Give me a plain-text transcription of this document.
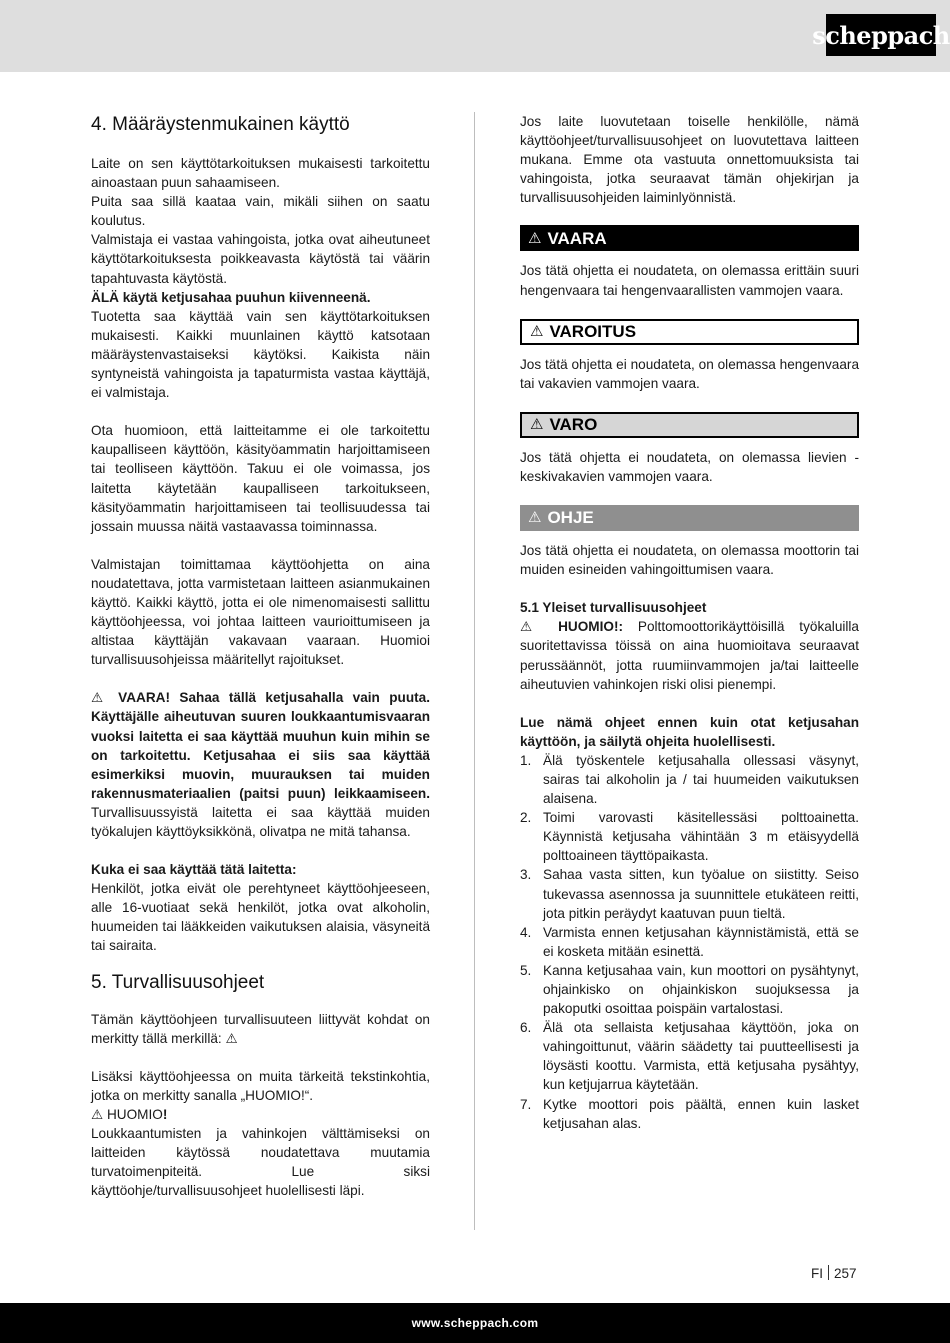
scheppach
4. Määräystenmukainen käyttö

Laite on sen käyttötarkoituksen mukaisesti tarkoitettu ainoastaan puun sahaamiseen.

Puita saa sillä kaataa vain, mikäli siihen on saatu koulutus.

Valmistaja ei vastaa vahingoista, jotka ovat aiheutuneet käyttötarkoituksesta poikkeavasta käytöstä tai väärin tapahtuvasta käytöstä.

ÄLÄ käytä ketjusahaa puuhun kiivenneenä.

Tuotetta saa käyttää vain sen käyttötarkoituksen mukaisesti. Kaikki muunlainen käyttö katsotaan määräystenvastaiseksi käytöksi. Kaikista näin syntyneistä vahingoista ja tapaturmista vastaa käyttäjä, ei valmistaja.

Ota huomioon, että laitteitamme ei ole tarkoitettu kaupalliseen käyttöön, käsityöammatin harjoittamiseen tai teolliseen käyttöön. Takuu ei ole voimassa, jos laitetta käytetään kaupalliseen tarkoitukseen, käsityöammatin harjoittamiseen tai teollisuudessa tai jossain muussa näitä vastaavassa toiminnassa.

Valmistajan toimittamaa käyttöohjetta on aina noudatettava, jotta varmistetaan laitteen asianmukainen käyttö. Kaikki käyttö, jotta ei ole nimenomaisesti sallittu käyttöohjeessa, voi johtaa laitteen vaurioittumiseen ja altistaa käyttäjän vakavaan vaaraan. Huomioi turvallisuusohjeissa määritellyt rajoitukset.

⚠ VAARA! Sahaa tällä ketjusahalla vain puuta. Käyttäjälle aiheutuvan suuren loukkaantumisvaaran vuoksi laitetta ei saa käyttää muuhun kuin mihin se on tarkoitettu. Ketjusahaa ei siis saa käyttää esimerkiksi muovin, muurauksen tai muiden rakennusmateriaalien (paitsi puun) leikkaamiseen. Turvallisuussyistä laitetta ei saa käyttää muiden työkalujen käyttöyksikkönä, olivatpa ne mitä tahansa.

Kuka ei saa käyttää tätä laitetta:

Henkilöt, jotka eivät ole perehtyneet käyttöohjeeseen, alle 16-vuotiaat sekä henkilöt, jotka ovat alkoholin, huumeiden tai lääkkeiden vaikutuksen alaisia, väsyneitä tai sairaita.

5. Turvallisuusohjeet

Tämän käyttöohjeen turvallisuuteen liittyvät kohdat on merkitty tällä merkillä: ⚠

Lisäksi käyttöohjeessa on muita tärkeitä tekstinkohtia, jotka on merkitty sanalla „HUOMIO!“.

⚠ HUOMIO!

Loukkaantumisten ja vahinkojen välttämiseksi on laitteiden käytössä noudatettava muutamia turvatoimenpiteitä. Lue siksi käyttöohje/turvallisuusohjeet huolellisesti läpi.

Jos laite luovutetaan toiselle henkilölle, nämä käyttöohjeet/turvallisuusohjeet on luovutettava laitteen mukana. Emme ota vastuuta onnettomuuksista tai vahingoista, jotka seuraavat tämän ohjekirjan ja turvallisuusohjeiden laiminlyönnistä.

⚠ VAARA

Jos tätä ohjetta ei noudateta, on olemassa erittäin suuri hengenvaara tai hengenvaarallisten vammojen vaara.

⚠ VAROITUS

Jos tätä ohjetta ei noudateta, on olemassa hengenvaara tai vakavien vammojen vaara.

⚠ VARO

Jos tätä ohjetta ei noudateta, on olemassa lievien - keskivakavien vammojen vaara.

⚠ OHJE

Jos tätä ohjetta ei noudateta, on olemassa moottorin tai muiden esineiden vahingoittumisen vaara.

5.1 Yleiset turvallisuusohjeet

⚠ HUOMIO!: Polttomoottorikäyttöisillä työkaluilla suoritettavissa töissä on aina huomioitava seuraavat perussäännöt, jotta ruumiinvammojen ja/tai laitteelle aiheutuvien vahinkojen riski olisi pienempi.

Lue nämä ohjeet ennen kuin otat ketjusahan käyttöön, ja säilytä ohjeita huolellisesti.

1. Älä työskentele ketjusahalla ollessasi väsynyt, sairas tai alkoholin ja / tai huumeiden vaikutuksen alaisena.
2. Toimi varovasti käsitellessäsi polttoainetta. Käynnistä ketjusaha vähintään 3 m etäisyydellä polttoaineen täyttöpaikasta.
3. Sahaa vasta sitten, kun työalue on siistitty. Seiso tukevassa asennossa ja suunnittele etukäteen reitti, jota pitkin peräydyt kaatuvan puun tieltä.
4. Varmista ennen ketjusahan käynnistämistä, että se ei kosketa mitään esinettä.
5. Kanna ketjusahaa vain, kun moottori on pysähtynyt, ohjainkisko on ohjainkiskon suojuksessa ja pakoputki osoittaa poispäin vartalostasi.
6. Älä ota sellaista ketjusahaa käyttöön, joka on vahingoittunut, väärin säädetty tai puutteellisesti ja löysästi koottu. Varmista, että ketjusaha pysähtyy, kun ketjujarrua käytetään.
7. Kytke moottori pois päältä, ennen kuin lasket ketjusahan alas.
FI 257
www.scheppach.com
